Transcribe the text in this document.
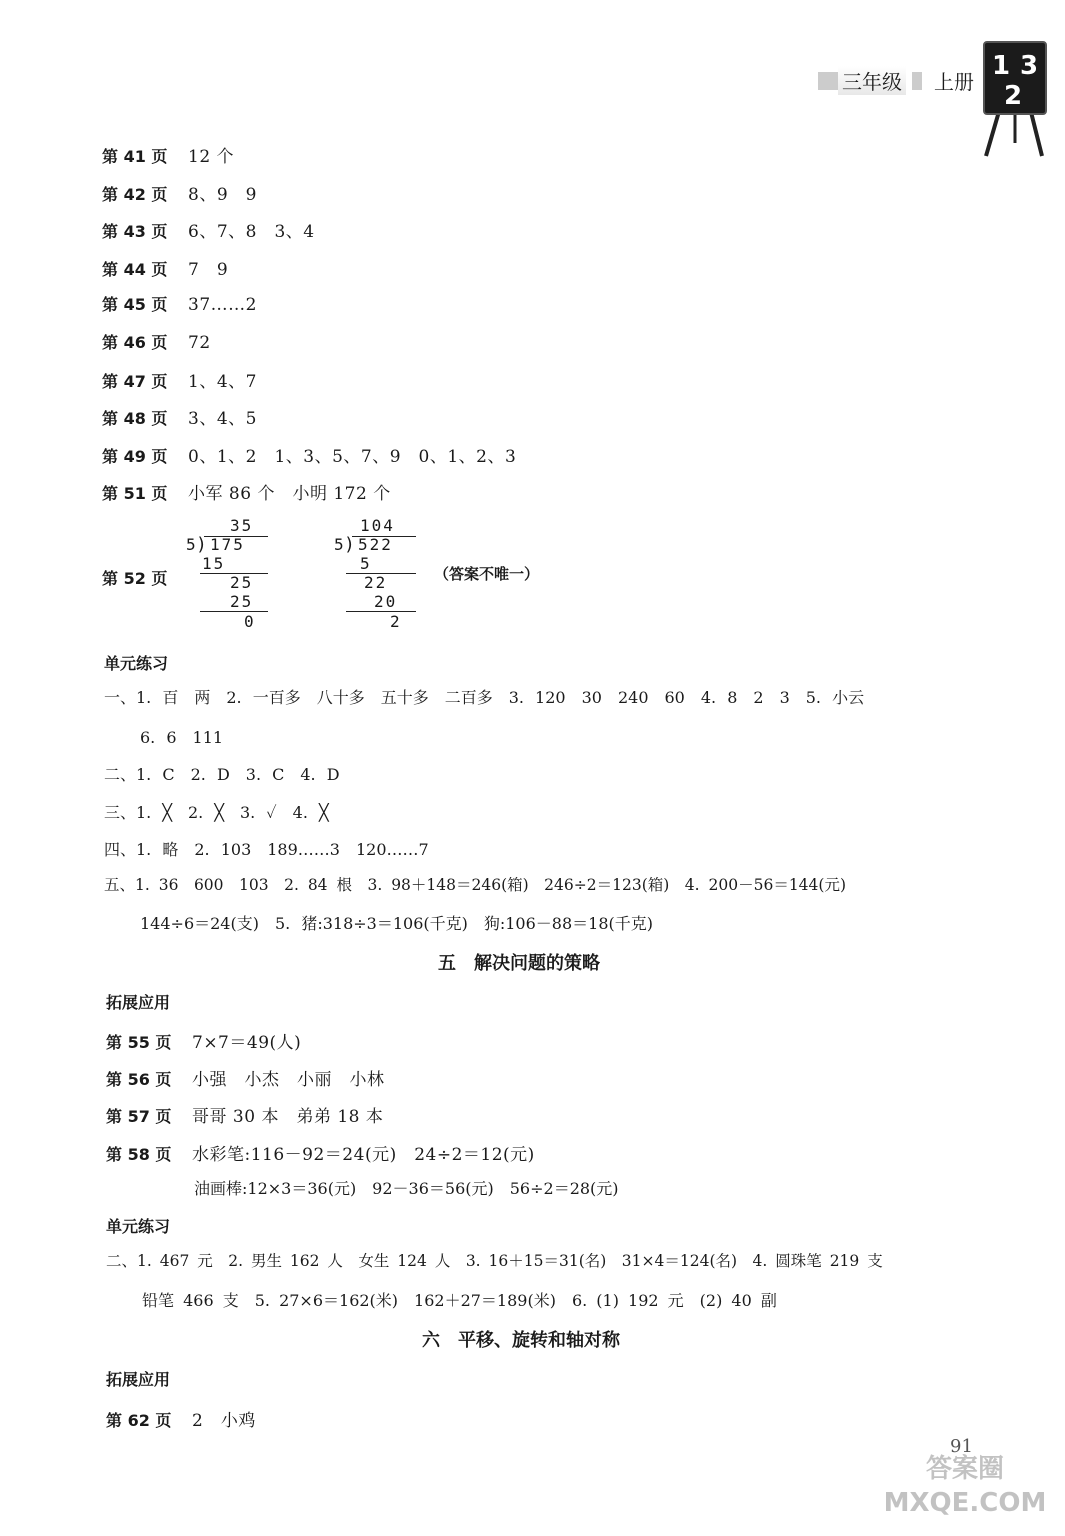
三年级 上册
1 3
2
第 41 页 12 个
第 42 页 8、9　9
第 43 页 6、7、8　3、4
第 44 页 7　9
第 45 页 37……2
第 46 页 72
第 47 页 1、4、7
第 48 页 3、4、5
第 49 页 0、1、2　1、3、5、7、9　0、1、2、3
第 51 页 小军 86 个　小明 172 个
第 52 页
35
5
) 175
15
25
25
0
104
5
) 522
5
22
20
2
（答案不唯一）
单元练习
一、1. 百　两　2. 一百多　八十多　五十多　二百多　3. 120　30　240　60　4. 8　2　3　5. 小云
6. 6　111
二、1. C　2. D　3. C　4. D
三、1. ╳　2. ╳　3. ✓　4. ╳
四、1. 略　2. 103　189……3　120……7
五、1. 36　600　103　2. 84 根　3. 98＋148＝246(箱)　246÷2＝123(箱)　4. 200－56＝144(元)
144÷6＝24(支)　5. 猪:318÷3＝106(千克)　狗:106－88＝18(千克)
五　解决问题的策略
拓展应用
第 55 页 7×7＝49(人)
第 56 页 小强　小杰　小丽　小林
第 57 页 哥哥 30 本　弟弟 18 本
第 58 页 水彩笔:116－92＝24(元)　24÷2＝12(元)
油画棒:12×3＝36(元)　92－36＝56(元)　56÷2＝28(元)
单元练习
二、1. 467 元　2. 男生 162 人　女生 124 人　3. 16＋15＝31(名)　31×4＝124(名)　4. 圆珠笔 219 支
铅笔 466 支　5. 27×6＝162(米)　162＋27＝189(米)　6. (1) 192 元　(2) 40 副
六　平移、旋转和轴对称
拓展应用
第 62 页 2　小鸡
91
答案圈 MXQE.COM
